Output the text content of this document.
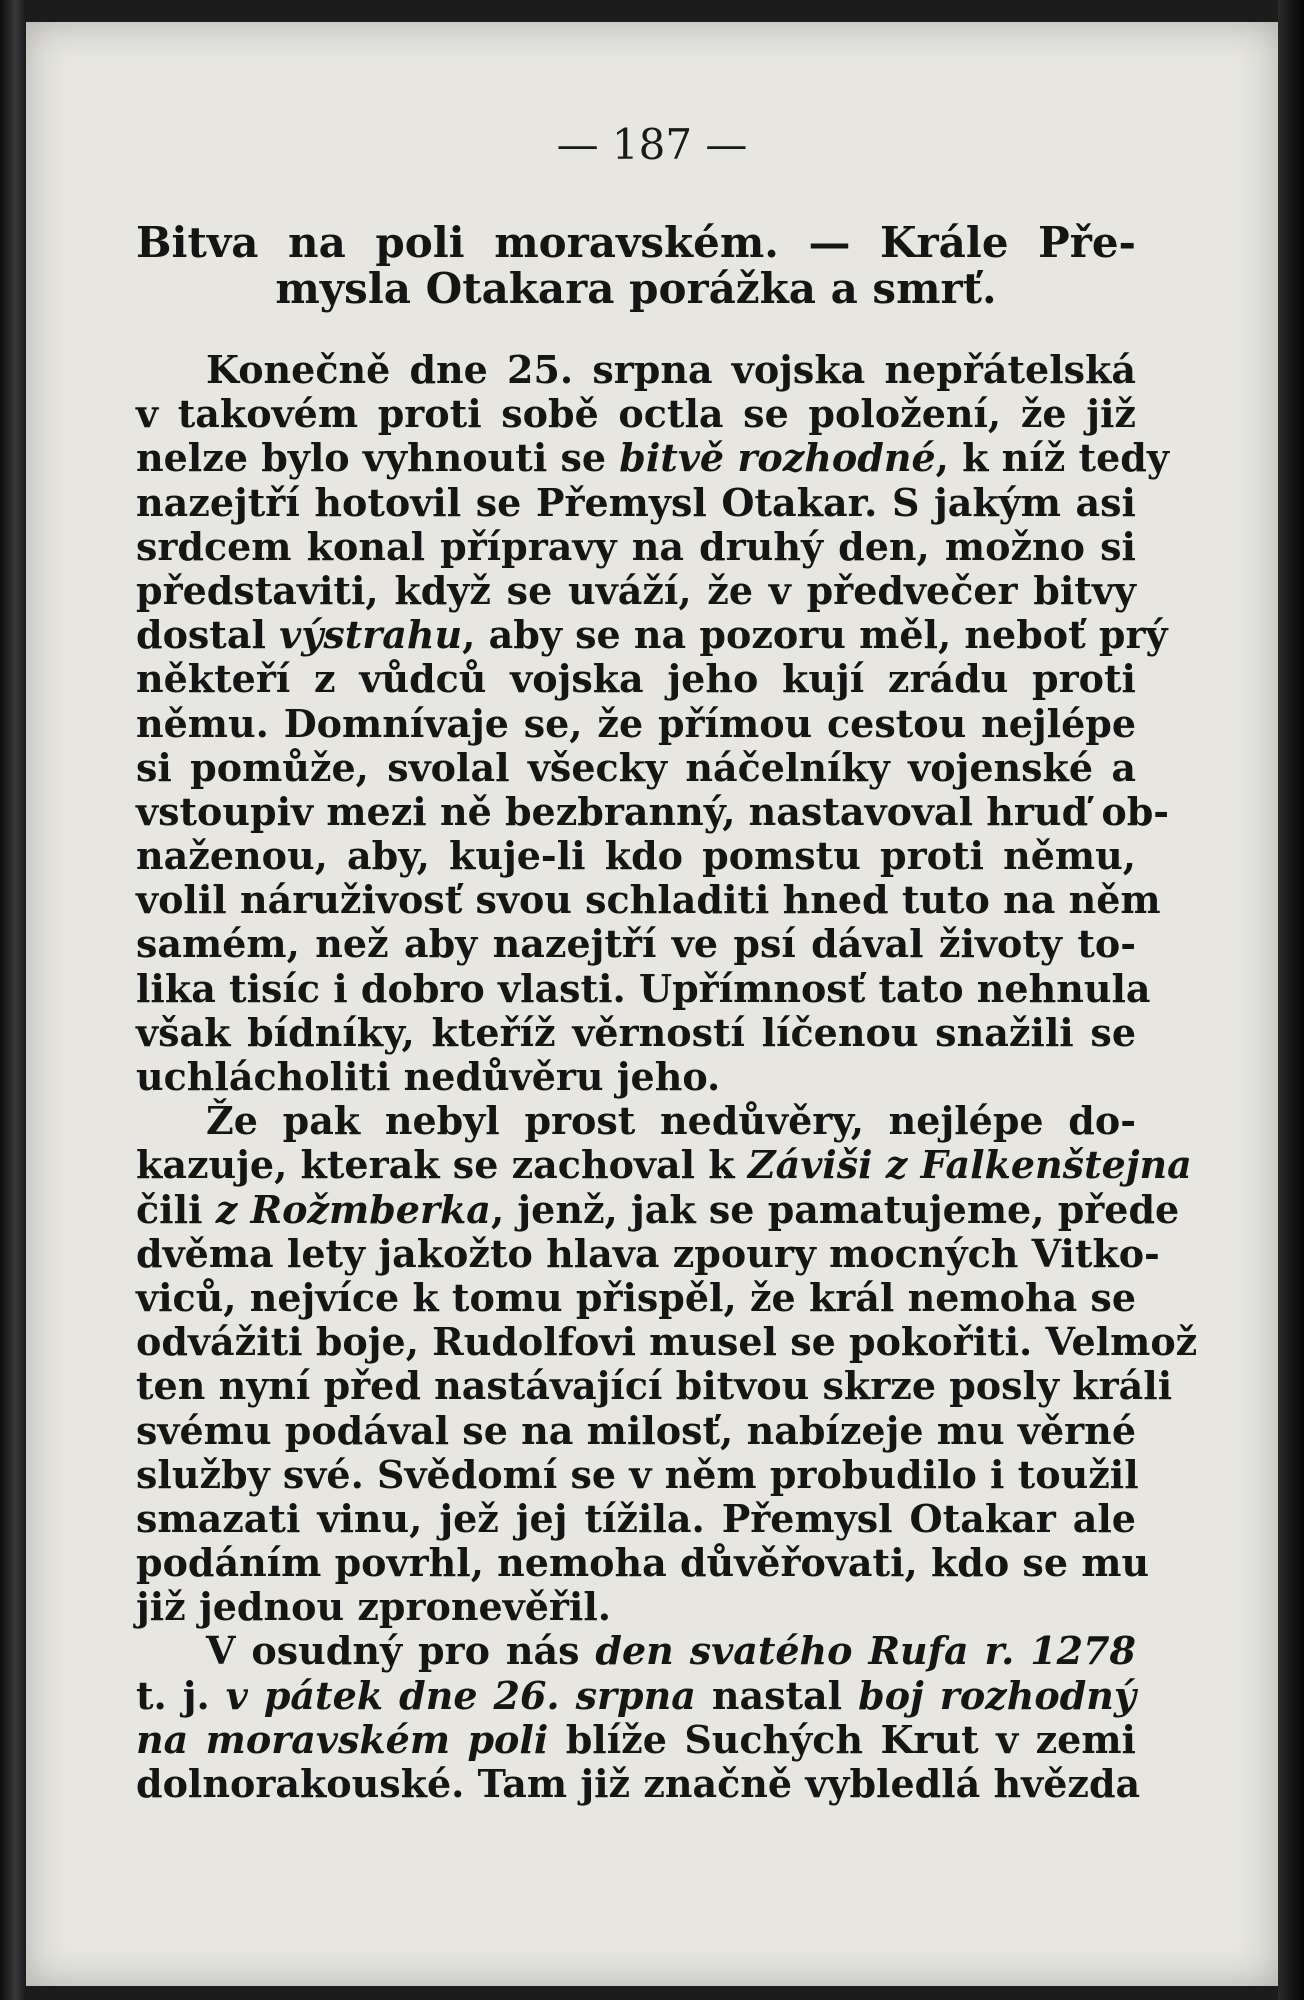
— 187 —
Bitva na poli moravském. — Krále Pře-
mysla Otakara porážka a smrť.
Konečně dne 25. srpna vojska nepřátelská
v takovém proti sobě octla se položení, že již
nelze bylo vyhnouti se bitvě rozhodné, k níž tedy
nazejtří hotovil se Přemysl Otakar. S jakým asi
srdcem konal přípravy na druhý den, možno si
představiti, když se uváží, že v předvečer bitvy
dostal výstrahu, aby se na pozoru měl, neboť prý
někteří z vůdců vojska jeho kují zrádu proti
němu. Domnívaje se, že přímou cestou nejlépe
si pomůže, svolal všecky náčelníky vojenské a
vstoupiv mezi ně bezbranný, nastavoval hruď ob-
naženou, aby, kuje-li kdo pomstu proti němu,
volil náruživosť svou schladiti hned tuto na něm
samém, než aby nazejtří ve psí dával životy to-
lika tisíc i dobro vlasti. Upřímnosť tato nehnula
však bídníky, kteříž věrností líčenou snažili se
uchlácholiti nedůvěru jeho.
Že pak nebyl prost nedůvěry, nejlépe do-
kazuje, kterak se zachoval k Záviši z Falkenštejna
čili z Rožmberka, jenž, jak se pamatujeme, přede
dvěma lety jakožto hlava zpoury mocných Vitko-
viců, nejvíce k tomu přispěl, že král nemoha se
odvážiti boje, Rudolfovi musel se pokořiti. Velmož
ten nyní před nastávající bitvou skrze posly králi
svému podával se na milosť, nabízeje mu věrné
služby své. Svědomí se v něm probudilo i toužil
smazati vinu, jež jej tížila. Přemysl Otakar ale
podáním povrhl, nemoha důvěřovati, kdo se mu
již jednou zpronevěřil.
V osudný pro nás den svatého Rufa r. 1278
t. j. v pátek dne 26. srpna nastal boj rozhodný
na moravském poli blíže Suchých Krut v zemi
dolnorakouské. Tam již značně vybledlá hvězda
